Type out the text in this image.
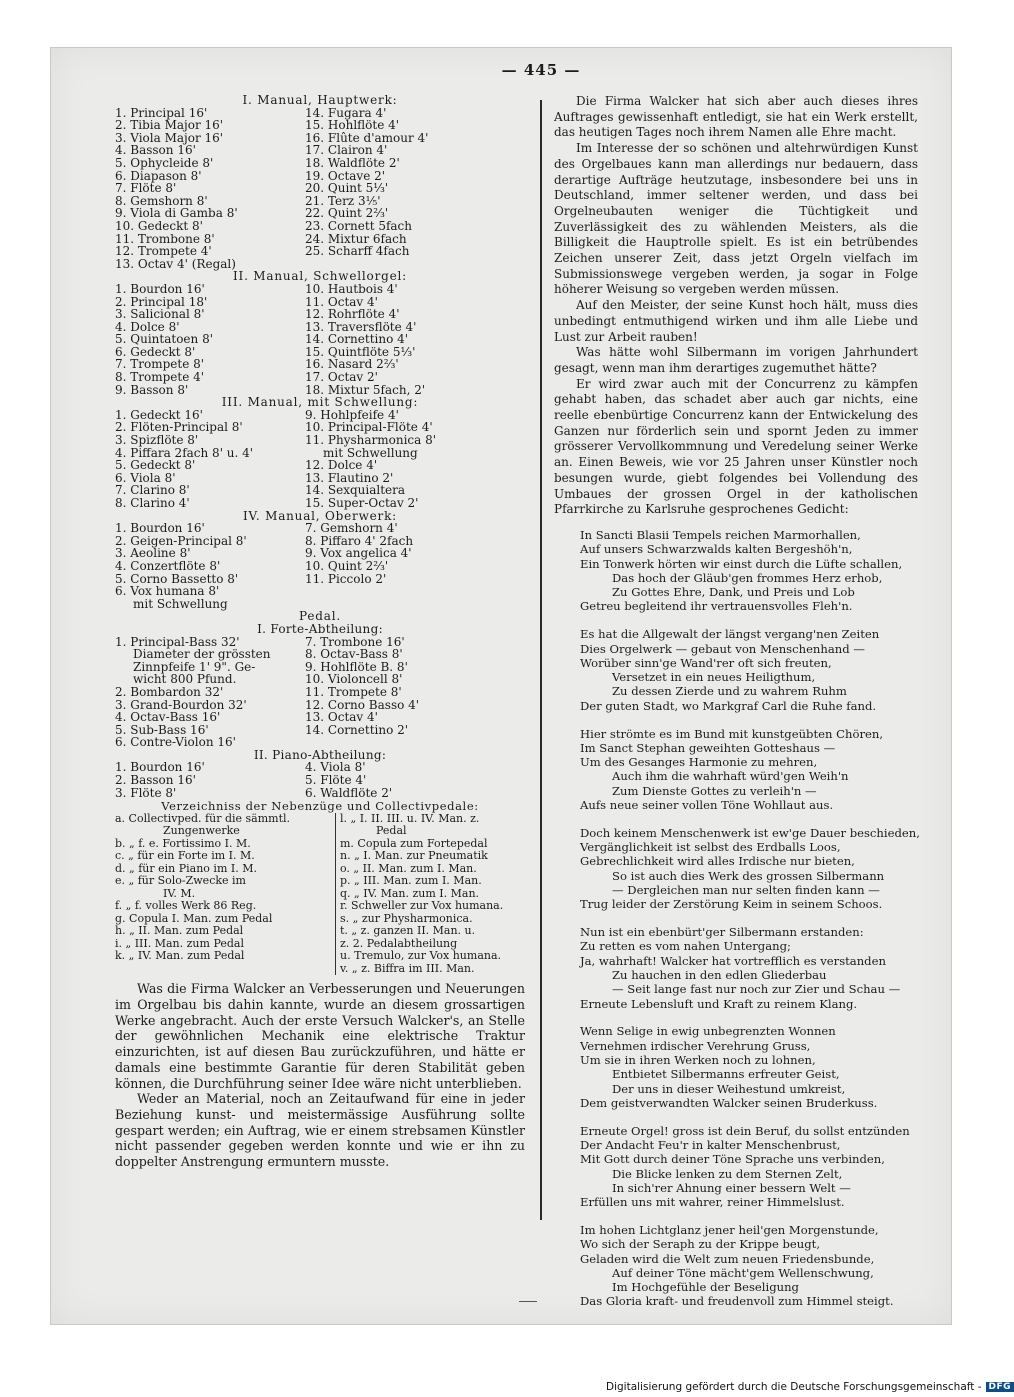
— 445 —
I. Manual, Hauptwerk:
1. Principal 16'	14. Fugara 4'
2. Tibia Major 16'	15. Hohlflöte 4'
3. Viola Major 16'	16. Flûte d'amour 4'
4. Basson 16'	17. Clairon 4'
5. Ophycleide 8'	18. Waldflöte 2'
6. Diapason 8'	19. Octave 2'
7. Flöte 8'	20. Quint 5⅓'
8. Gemshorn 8'	21. Terz 3⅕'
9. Viola di Gamba 8'	22. Quint 2⅔'
10. Gedeckt 8'	23. Cornett 5fach
11. Trombone 8'	24. Mixtur 6fach
12. Trompete 4'	25. Scharff 4fach
13. Octav 4' (Regal)
II. Manual, Schwellorgel:
1. Bourdon 16'	10. Hautbois 4'
2. Principal 18'	11. Octav 4'
3. Salicional 8'	12. Rohrflöte 4'
4. Dolce 8'	13. Traversflöte 4'
5. Quintatoen 8'	14. Cornettino 4'
6. Gedeckt 8'	15. Quintflöte 5⅓'
7. Trompete 8'	16. Nasard 2⅔'
8. Trompete 4'	17. Octav 2'
9. Basson 8'	18. Mixtur 5fach, 2'
III. Manual, mit Schwellung:
1. Gedeckt 16'	9. Hohlpfeife 4'
2. Flöten-Principal 8'	10. Principal-Flöte 4'
3. Spizflöte 8'	11. Physharmonica 8'
4. Piffara 2fach 8' u. 4'	mit Schwellung
5. Gedeckt 8'	12. Dolce 4'
6. Viola 8'	13. Flautino 2'
7. Clarino 8'	14. Sexquialtera
8. Clarino 4'	15. Super-Octav 2'
IV. Manual, Oberwerk:
1. Bourdon 16'	7. Gemshorn 4'
2. Geigen-Principal 8'	8. Piffaro 4' 2fach
3. Aeoline 8'	9. Vox angelica 4'
4. Conzertflöte 8'	10. Quint 2⅔'
5. Corno Bassetto 8'	11. Piccolo 2'
6. Vox humana 8'
mit Schwellung
Pedal.
I. Forte-Abtheilung:
1. Principal-Bass 32'	7. Trombone 16'
Diameter der grössten	8. Octav-Bass 8'
Zinnpfeife 1' 9". Ge-	9. Hohlflöte B. 8'
wicht 800 Pfund.	10. Violoncell 8'
2. Bombardon 32'	11. Trompete 8'
3. Grand-Bourdon 32'	12. Corno Basso 4'
4. Octav-Bass 16'	13. Octav 4'
5. Sub-Bass 16'	14. Cornettino 2'
6. Contre-Violon 16'
II. Piano-Abtheilung:
1. Bourdon 16'	4. Viola 8'
2. Basson 16'	5. Flöte 4'
3. Flöte 8'	6. Waldflöte 2'
Verzeichniss der Nebenzüge und Collectivpedale:
a. Collectivped. für die sämmtl.	l. „ I. II. III. u. IV. Man. z.
Zungenwerke	Pedal
b. „ f. e. Fortissimo I. M.	m. Copula zum Fortepedal
c. „ für ein Forte im I. M.	n. „ I. Man. zur Pneumatik
d. „ für ein Piano im I. M.	o. „ II. Man. zum I. Man.
e. „ für Solo-Zwecke im	p. „ III. Man. zum I. Man.
IV. M.	q. „ IV. Man. zum I. Man.
f. „ f. volles Werk 86 Reg.	r. Schweller zur Vox humana.
g. Copula I. Man. zum Pedal	s. „ zur Physharmonica.
h. „ II. Man. zum Pedal	t. „ z. ganzen II. Man. u.
i. „ III. Man. zum Pedal	z. 2. Pedalabtheilung
k. „ IV. Man. zum Pedal	u. Tremulo, zur Vox humana.
	v. „ z. Biffra im III. Man.

Was die Firma Walcker an Verbesserungen und Neuerungen im Orgelbau bis dahin kannte, wurde an diesem grossartigen Werke angebracht. Auch der erste Versuch Walcker's, an Stelle der gewöhnlichen Mechanik eine elektrische Traktur einzurichten, ist auf diesen Bau zurückzuführen, und hätte er damals eine bestimmte Garantie für deren Stabilität geben können, die Durchführung seiner Idee wäre nicht unterblieben.

Weder an Material, noch an Zeitaufwand für eine in jeder Beziehung kunst- und meistermässige Ausführung sollte gespart werden; ein Auftrag, wie er einem strebsamen Künstler nicht passender gegeben werden konnte und wie er ihn zu doppelter Anstrengung ermuntern musste.

Die Firma Walcker hat sich aber auch dieses ihres Auftrages gewissenhaft entledigt, sie hat ein Werk erstellt, das heutigen Tages noch ihrem Namen alle Ehre macht.

Im Interesse der so schönen und altehrwürdigen Kunst des Orgelbaues kann man allerdings nur bedauern, dass derartige Aufträge heutzutage, insbesondere bei uns in Deutschland, immer seltener werden, und dass bei Orgelneubauten weniger die Tüchtigkeit und Zuverlässigkeit des zu wählenden Meisters, als die Billigkeit die Hauptrolle spielt. Es ist ein betrübendes Zeichen unserer Zeit, dass jetzt Orgeln vielfach im Submissionswege vergeben werden, ja sogar in Folge höherer Weisung so vergeben werden müssen.

Auf den Meister, der seine Kunst hoch hält, muss dies unbedingt entmuthigend wirken und ihm alle Liebe und Lust zur Arbeit rauben!

Was hätte wohl Silbermann im vorigen Jahrhundert gesagt, wenn man ihm derartiges zugemuthet hätte?

Er wird zwar auch mit der Concurrenz zu kämpfen gehabt haben, das schadet aber auch gar nichts, eine reelle ebenbürtige Concurrenz kann der Entwickelung des Ganzen nur förderlich sein und spornt Jeden zu immer grösserer Vervollkommnung und Veredelung seiner Werke an. Einen Beweis, wie vor 25 Jahren unser Künstler noch besungen wurde, giebt folgendes bei Vollendung des Umbaues der grossen Orgel in der katholischen Pfarrkirche zu Karlsruhe gesprochenes Gedicht:

In Sancti Blasii Tempels reichen Marmorhallen,
Auf unsers Schwarzwalds kalten Bergeshöh'n,
Ein Tonwerk hörten wir einst durch die Lüfte schallen,
Das hoch der Gläub'gen frommes Herz erhob,
Zu Gottes Ehre, Dank, und Preis und Lob
Getreu begleitend ihr vertrauensvolles Fleh'n.
Es hat die Allgewalt der längst vergang'nen Zeiten
Dies Orgelwerk — gebaut von Menschenhand —
Worüber sinn'ge Wand'rer oft sich freuten,
Versetzet in ein neues Heiligthum,
Zu dessen Zierde und zu wahrem Ruhm
Der guten Stadt, wo Markgraf Carl die Ruhe fand.
Hier strömte es im Bund mit kunstgeübten Chören,
Im Sanct Stephan geweihten Gotteshaus —
Um des Gesanges Harmonie zu mehren,
Auch ihm die wahrhaft würd'gen Weih'n
Zum Dienste Gottes zu verleih'n —
Aufs neue seiner vollen Töne Wohllaut aus.
Doch keinem Menschenwerk ist ew'ge Dauer beschieden,
Vergänglichkeit ist selbst des Erdballs Loos,
Gebrechlichkeit wird alles Irdische nur bieten,
So ist auch dies Werk des grossen Silbermann
— Dergleichen man nur selten finden kann —
Trug leider der Zerstörung Keim in seinem Schoos.
Nun ist ein ebenbürt'ger Silbermann erstanden:
Zu retten es vom nahen Untergang;
Ja, wahrhaft! Walcker hat vortrefflich es verstanden
Zu hauchen in den edlen Gliederbau
— Seit lange fast nur noch zur Zier und Schau —
Erneute Lebensluft und Kraft zu reinem Klang.
Wenn Selige in ewig unbegrenzten Wonnen
Vernehmen irdischer Verehrung Gruss,
Um sie in ihren Werken noch zu lohnen,
Entbietet Silbermanns erfreuter Geist,
Der uns in dieser Weihestund umkreist,
Dem geistverwandten Walcker seinen Bruderkuss.
Erneute Orgel! gross ist dein Beruf, du sollst entzünden
Der Andacht Feu'r in kalter Menschenbrust,
Mit Gott durch deiner Töne Sprache uns verbinden,
Die Blicke lenken zu dem Sternen Zelt,
In sich'rer Ahnung einer bessern Welt —
Erfüllen uns mit wahrer, reiner Himmelslust.
Im hohen Lichtglanz jener heil'gen Morgenstunde,
Wo sich der Seraph zu der Krippe beugt,
Geladen wird die Welt zum neuen Friedensbunde,
Auf deiner Töne mächt'gem Wellenschwung,
Im Hochgefühle der Beseligung
Das Gloria kraft- und freudenvoll zum Himmel steigt.
Digitalisierung gefördert durch die Deutsche Forschungsgemeinschaft - DFG
